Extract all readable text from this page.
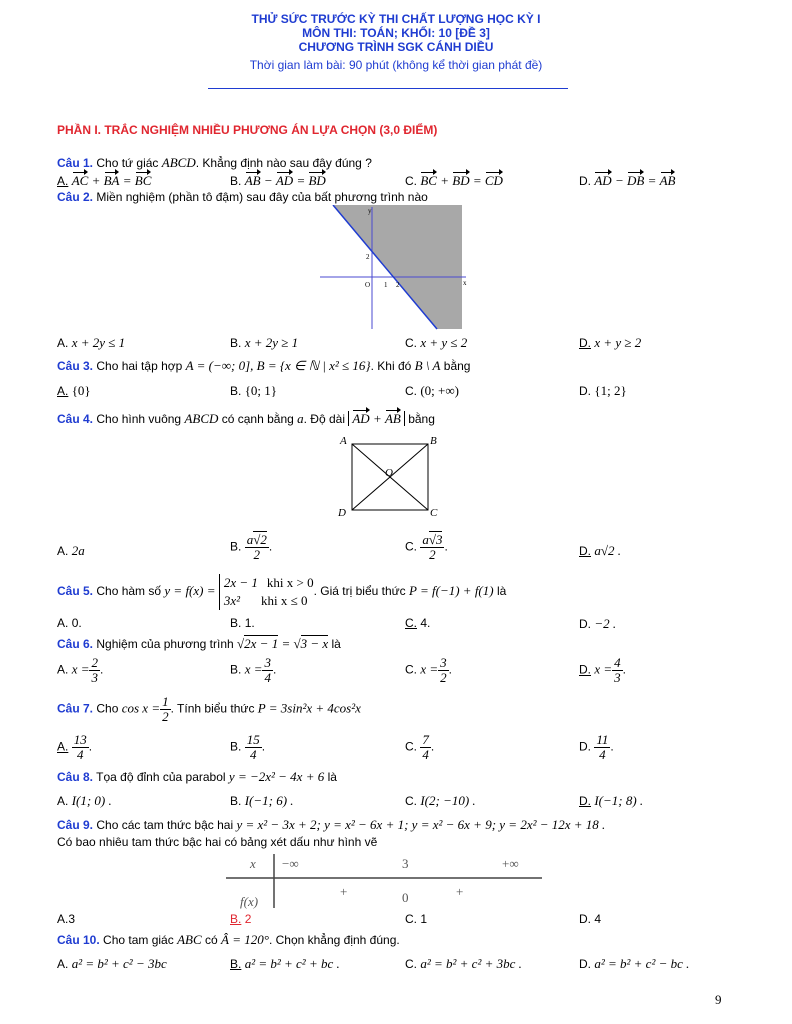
THỬ SỨC TRƯỚC KỲ THI CHẤT LƯỢNG HỌC KỲ I
MÔN THI: TOÁN; KHỐI: 10 [ĐỀ 3]
CHƯƠNG TRÌNH SGK CÁNH DIỀU
Thời gian làm bài: 90 phút (không kể thời gian phát đề)
PHẦN I. TRẮC NGHIỆM NHIỀU PHƯƠNG ÁN LỰA CHỌN (3,0 ĐIỂM)
Câu 1. Cho tứ giác ABCD. Khẳng định nào sau đây đúng ?
A. AC + BA = BC	B. AB − AD = BD	C. BC + BD = CD	D. AD − DB = AB
Câu 2. Miền nghiệm (phần tô đậm) sau đây của bất phương trình nào
y
x
O 1 2
2
A. x + 2y ≤ 1	B. x + 2y ≥ 1	C. x + y ≤ 2	D. x + y ≥ 2
Câu 3. Cho hai tập hợp A = (−∞; 0], B = {x ∈ ℕ | x² ≤ 16}. Khi đó B \ A bằng
A. {0}	B. {0; 1}	C. (0; +∞)	D. {1; 2}
Câu 4. Cho hình vuông ABCD có cạnh bằng a. Độ dài AD + AB bằng
A	B
C
D
O
A. 2a	B. $\frac{a√2}{2}$ .	C. $\frac{a√3}{2}$ .	D. a√2 .
Câu 5. Cho hàm số y = f(x) =
2x − 1 khi x > 0
3x² khi x ≤ 0
. Giá trị biểu thức P = f(−1) + f(1) là
A. 0.	B. 1.	C. 4.	D. −2 .
Câu 6. Nghiệm của phương trình √2x − 1 = √3 − x là
A. $x = \frac{2}{3}$ .	B. $x = \frac{3}{4}$ .	C. $x = \frac{3}{2}$ .	D. $x = \frac{4}{3}$ .
Câu 7. Cho $\cos x = \frac{1}{2}$ . Tính biểu thức P = 3sin²x + 4cos²x
A. $\frac{13}{4}$ .	B. $\frac{15}{4}$ .	C. $\frac{7}{4}$ .	D. $\frac{11}{4}$ .
Câu 8. Tọa độ đỉnh của parabol y = −2x² − 4x + 6 là
A. I(1; 0) .	B. I(−1; 6) .	C. I(2; −10) .	D. I(−1; 8) .
Câu 9. Cho các tam thức bậc hai y = x² − 3x + 2; y = x² − 6x + 1; y = x² − 6x + 9; y = 2x² − 12x + 18 .
Có bao nhiêu tam thức bậc hai có bảng xét dấu như hình vẽ
x −∞	3	+∞
f(x)
+	0	+
A.3	B. 2	C. 1	D. 4
Câu 10. Cho tam giác ABC có Â = 120°. Chọn khẳng định đúng.
A. a² = b² + c² − 3bc	B. a² = b² + c² + bc .	C. a² = b² + c² + 3bc .	D. a² = b² + c² − bc .
9
